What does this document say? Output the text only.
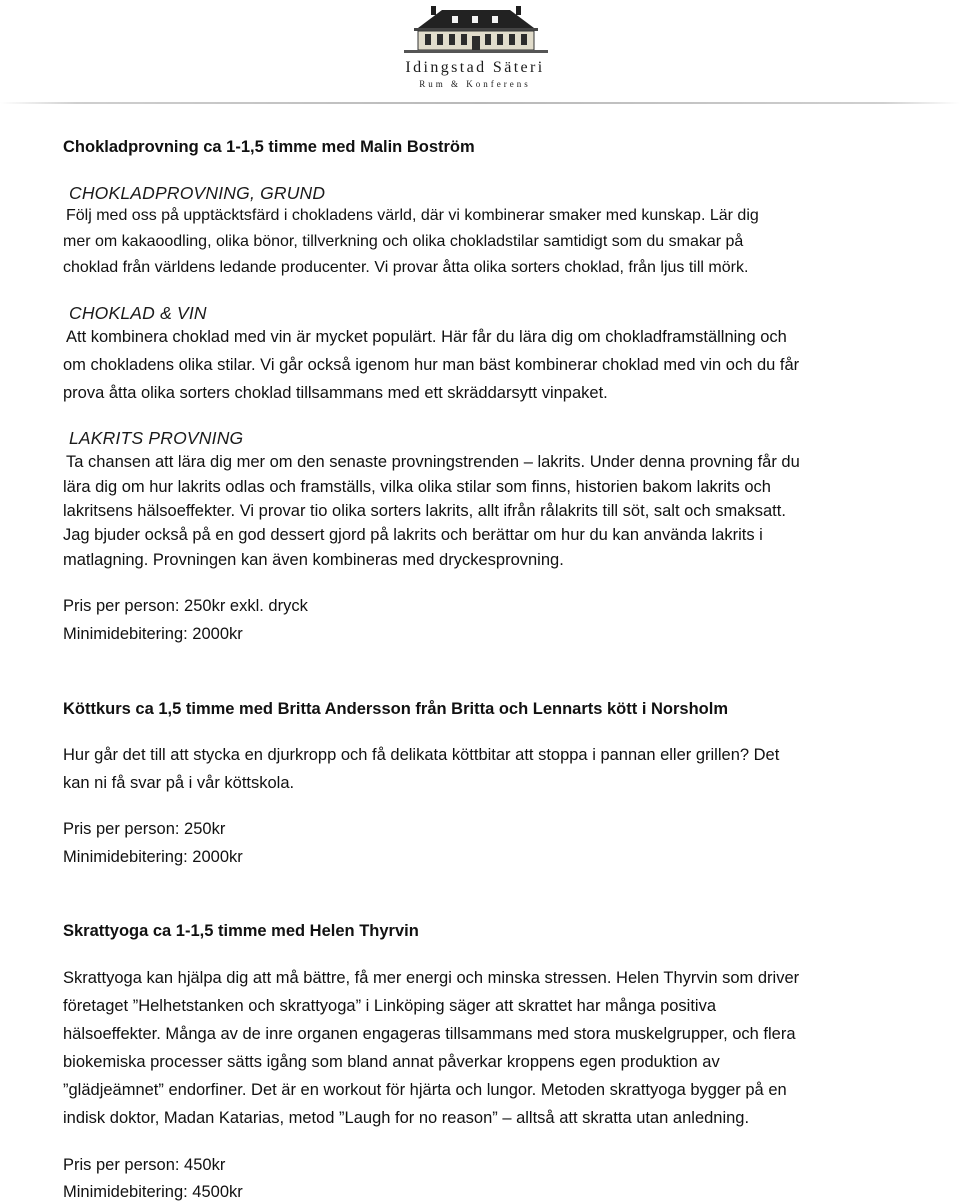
Idingstad Säteri
Rum & Konferens
Chokladprovning ca 1-1,5 timme med Malin Boström
CHOKLADPROVNING, GRUND
Följ med oss på upptäcktsfärd i chokladens värld, där vi kombinerar smaker med kunskap. Lär dig
mer om kakaoodling, olika bönor, tillverkning och olika chokladstilar samtidigt som du smakar på
choklad från världens ledande producenter. Vi provar åtta olika sorters choklad, från ljus till mörk.
CHOKLAD & VIN
Att kombinera choklad med vin är mycket populärt. Här får du lära dig om chokladframställning och
om chokladens olika stilar. Vi går också igenom hur man bäst kombinerar choklad med vin och du får
prova åtta olika sorters choklad tillsammans med ett skräddarsytt vinpaket.
LAKRITS PROVNING
Ta chansen att lära dig mer om den senaste provningstrenden – lakrits. Under denna provning får du
lära dig om hur lakrits odlas och framställs, vilka olika stilar som finns, historien bakom lakrits och
lakritsens hälsoeffekter. Vi provar tio olika sorters lakrits, allt ifrån rålakrits till söt, salt och smaksatt.
Jag bjuder också på en god dessert gjord på lakrits och berättar om hur du kan använda lakrits i
matlagning. Provningen kan även kombineras med dryckesprovning.
Pris per person: 250kr exkl. dryck
Minimidebitering: 2000kr
Köttkurs ca 1,5 timme med Britta Andersson från Britta och Lennarts kött i Norsholm
Hur går det till att stycka en djurkropp och få delikata köttbitar att stoppa i pannan eller grillen? Det
kan ni få svar på i vår köttskola.
Pris per person: 250kr
Minimidebitering: 2000kr
Skrattyoga ca 1-1,5 timme med Helen Thyrvin
Skrattyoga kan hjälpa dig att må bättre, få mer energi och minska stressen. Helen Thyrvin som driver
företaget ”Helhetstanken och skrattyoga” i Linköping säger att skrattet har många positiva
hälsoeffekter. Många av de inre organen engageras tillsammans med stora muskelgrupper, och flera
biokemiska processer sätts igång som bland annat påverkar kroppens egen produktion av
”glädjeämnet” endorfiner. Det är en workout för hjärta och lungor. Metoden skrattyoga bygger på en
indisk doktor, Madan Katarias, metod ”Laugh for no reason” – alltså att skratta utan anledning.
Pris per person: 450kr
Minimidebitering: 4500kr
